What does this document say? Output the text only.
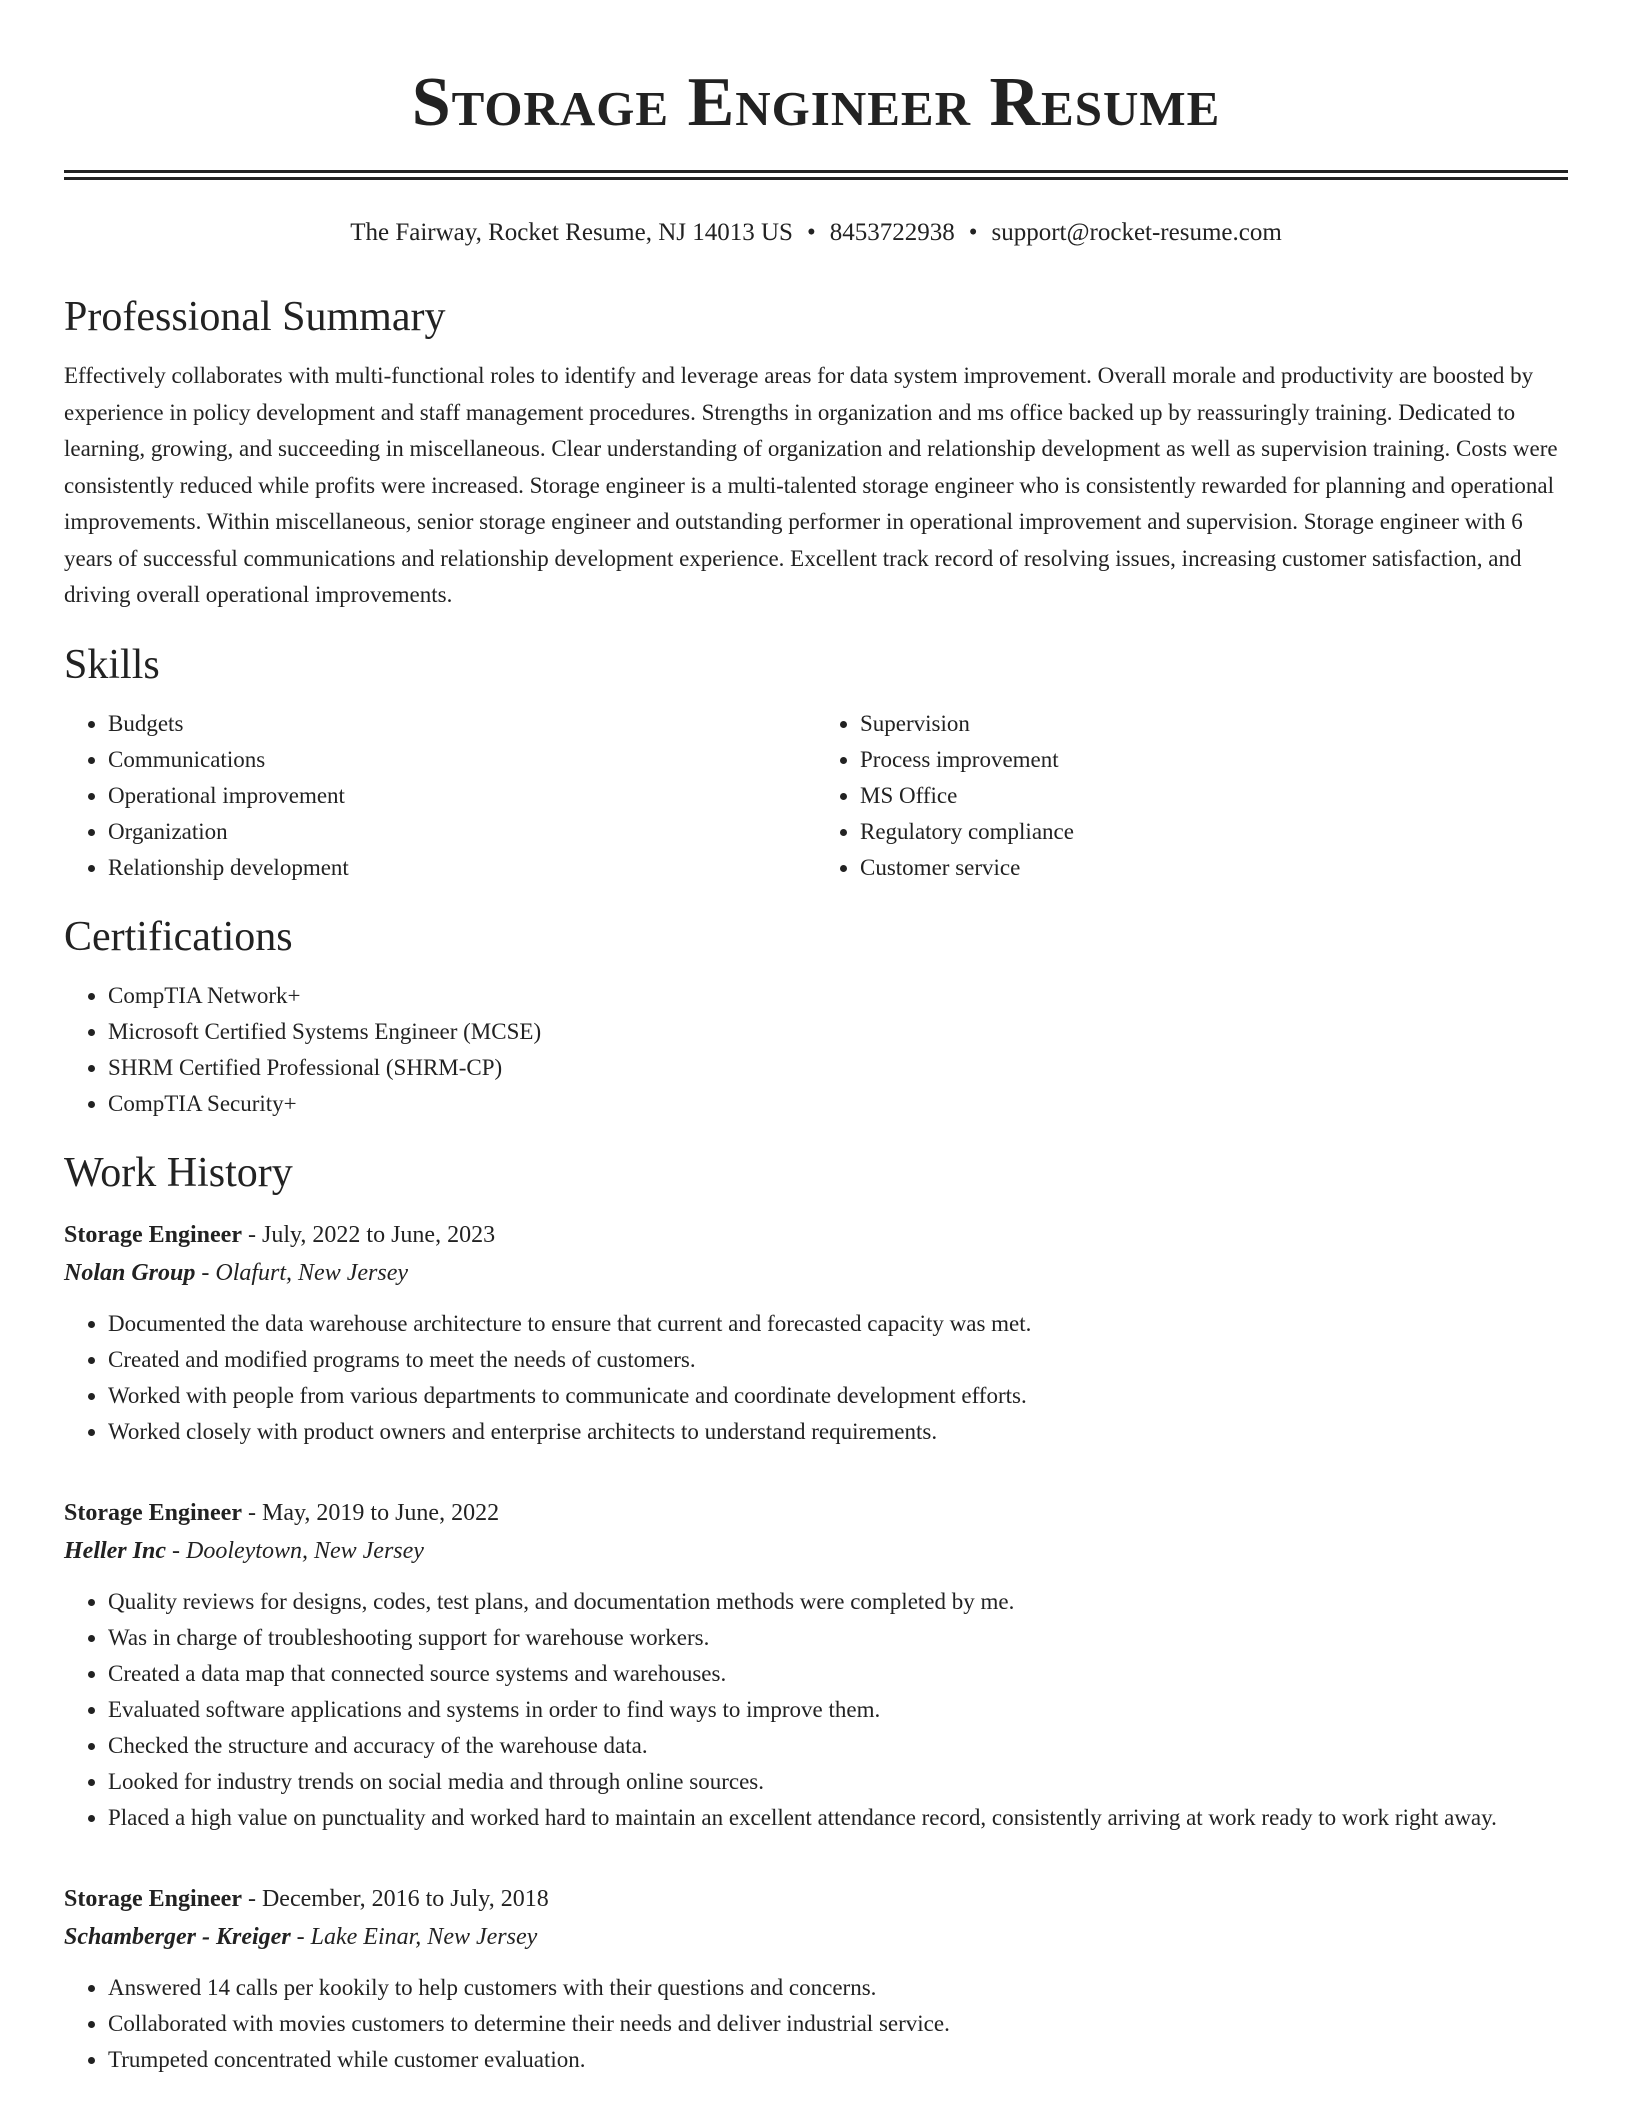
Storage Engineer Resume
The Fairway, Rocket Resume, NJ 14013 US • 8453722938 • support@rocket-resume.com
Professional Summary

Effectively collaborates with multi-functional roles to identify and leverage areas for data system improvement. Overall morale and productivity are boosted by experience in policy development and staff management procedures. Strengths in organization and ms office backed up by reassuringly training. Dedicated to learning, growing, and succeeding in miscellaneous. Clear understanding of organization and relationship development as well as supervision training. Costs were consistently reduced while profits were increased. Storage engineer is a multi-talented storage engineer who is consistently rewarded for planning and operational improvements. Within miscellaneous, senior storage engineer and outstanding performer in operational improvement and supervision. Storage engineer with 6 years of successful communications and relationship development experience. Excellent track record of resolving issues, increasing customer satisfaction, and driving overall operational improvements.

Skills
• Budgets
• Communications
• Operational improvement
• Organization
• Relationship development
• Supervision
• Process improvement
• MS Office
• Regulatory compliance
• Customer service
Certifications
• CompTIA Network+
• Microsoft Certified Systems Engineer (MCSE)
• SHRM Certified Professional (SHRM-CP)
• CompTIA Security+
Work History
Storage Engineer - July, 2022 to June, 2023
Nolan Group - Olafurt, New Jersey
• Documented the data warehouse architecture to ensure that current and forecasted capacity was met.
• Created and modified programs to meet the needs of customers.
• Worked with people from various departments to communicate and coordinate development efforts.
• Worked closely with product owners and enterprise architects to understand requirements.
Storage Engineer - May, 2019 to June, 2022
Heller Inc - Dooleytown, New Jersey
• Quality reviews for designs, codes, test plans, and documentation methods were completed by me.
• Was in charge of troubleshooting support for warehouse workers.
• Created a data map that connected source systems and warehouses.
• Evaluated software applications and systems in order to find ways to improve them.
• Checked the structure and accuracy of the warehouse data.
• Looked for industry trends on social media and through online sources.
• Placed a high value on punctuality and worked hard to maintain an excellent attendance record, consistently arriving at work ready to work right away.
Storage Engineer - December, 2016 to July, 2018
Schamberger - Kreiger - Lake Einar, New Jersey
• Answered 14 calls per kookily to help customers with their questions and concerns.
• Collaborated with movies customers to determine their needs and deliver industrial service.
• Trumpeted concentrated while customer evaluation.
